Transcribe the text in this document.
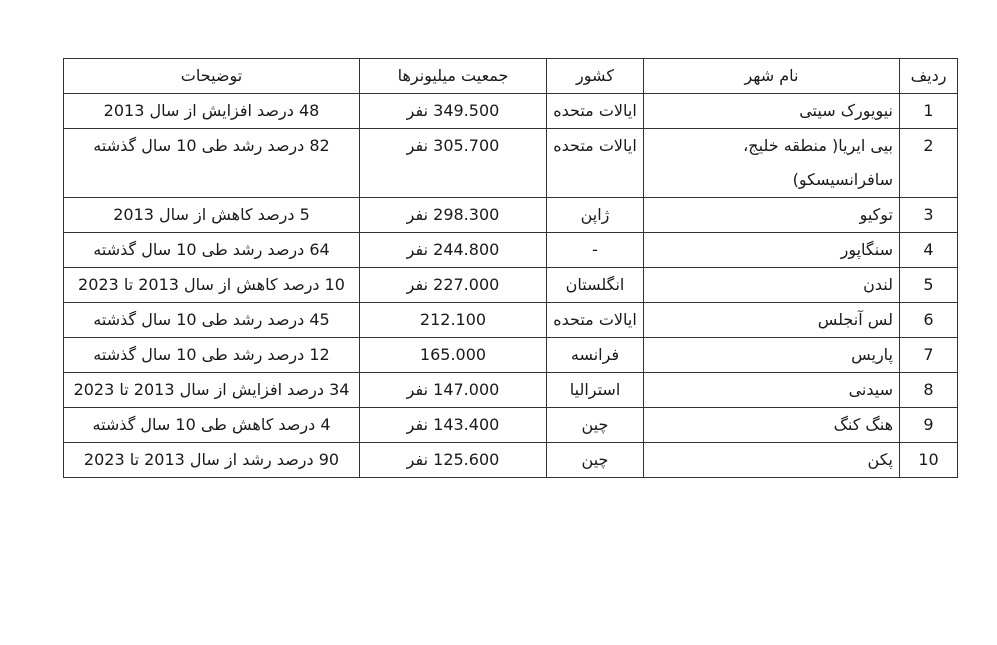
ردیف	نام شهر	کشور	جمعیت میلیونرها	توضیحات
1	نیویورک سیتی	ایالات متحده	349.500 نفر	48 درصد افزایش از سال 2013
2	بیی ایریا( منطقه خلیج، سافرانسیسکو)	ایالات متحده	305.700 نفر	82 درصد رشد طی 10 سال گذشته
3	توکیو	ژاپن	298.300 نفر	5 درصد کاهش از سال 2013
4	سنگاپور	-	244.800 نفر	64 درصد رشد طی 10 سال گذشته
5	لندن	انگلستان	227.000 نفر	10 درصد کاهش از سال 2013 تا 2023
6	لس آنجلس	ایالات متحده	212.100	45 درصد رشد طی 10 سال گذشته
7	پاریس	فرانسه	165.000	12 درصد رشد طی 10 سال گذشته
8	سیدنی	استرالیا	147.000 نفر	34 درصد افزایش از سال 2013 تا 2023
9	هنگ کنگ	چین	143.400 نفر	4 درصد کاهش طی 10 سال گذشته
10	پکن	چین	125.600 نفر	90 درصد رشد از سال 2013 تا 2023
